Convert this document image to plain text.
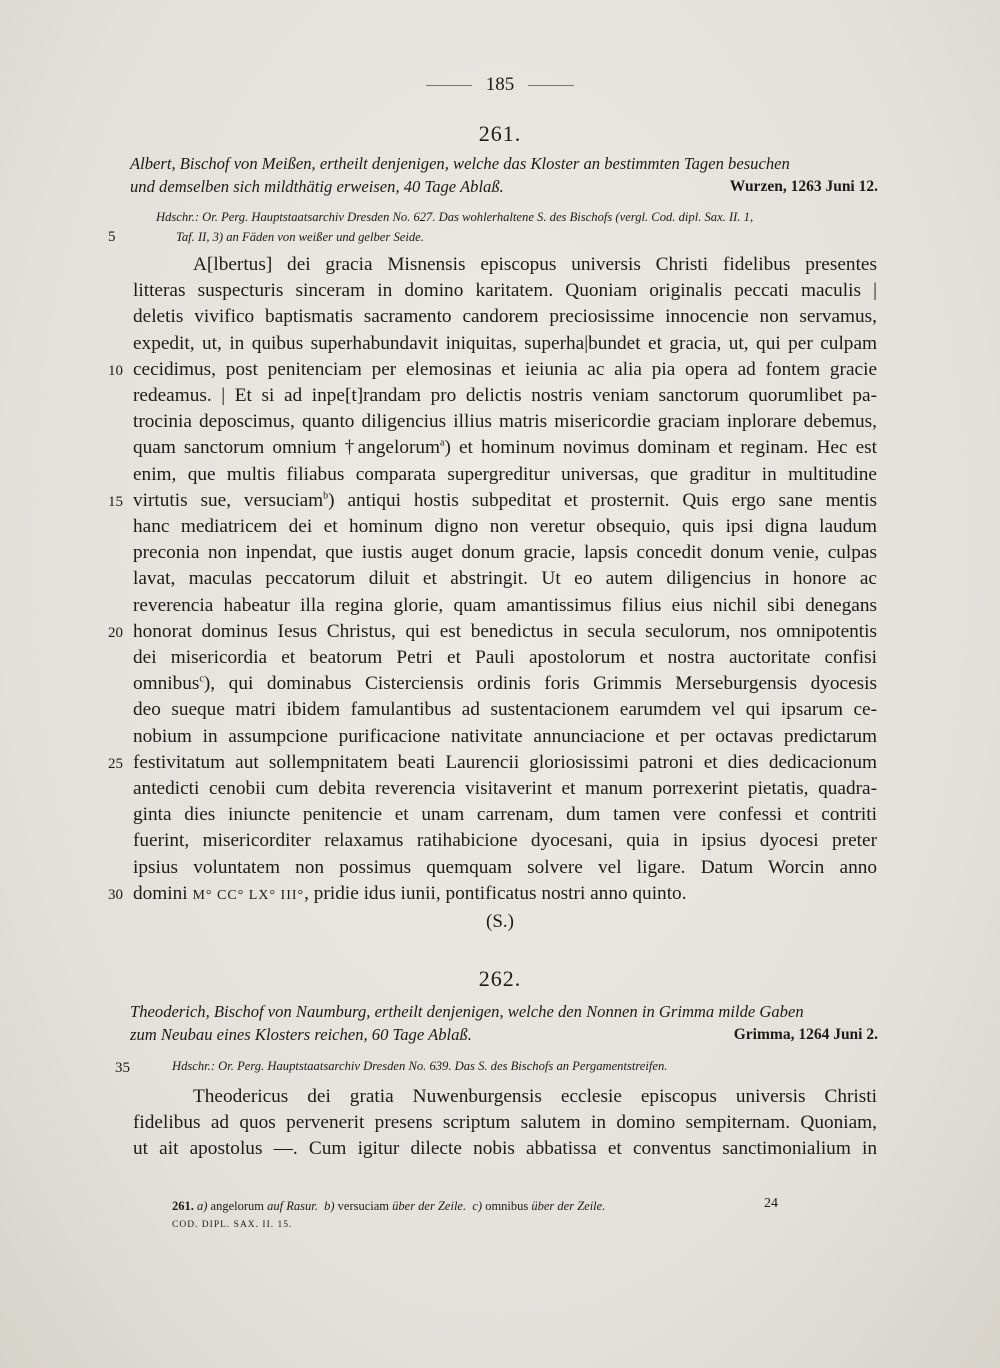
185
261.
Albert, Bischof von Meißen, ertheilt denjenigen, welche das Kloster an bestimmten Tagen besuchen
und demselben sich mildthätig erweisen, 40 Tage Ablaß.	Wurzen, 1263 Juni 12.
Hdschr.: Or. Perg. Hauptstaatsarchiv Dresden No. 627. Das wohlerhaltene S. des Bischofs (vergl. Cod. dipl. Sax. II. 1,
Taf. II, 3) an Fäden von weißer und gelber Seide.
5
A[lbertus] dei gracia Misnensis episcopus universis Christi fidelibus presentes
litteras suspecturis sinceram in domino karitatem. Quoniam originalis peccati maculis |
deletis vivifico baptismatis sacramento candorem preciosissime innocencie non servamus,
expedit, ut, in quibus superhabundavit iniquitas, superha|bundet et gracia, ut, qui per culpam
cecidimus, post penitenciam per elemosinas et ieiunia ac alia pia opera ad fontem gracie
redeamus. | Et si ad inpe[t]randam pro delictis nostris veniam sanctorum quorumlibet pa-
trocinia deposcimus, quanto diligencius illius matris misericordie graciam inplorare debemus,
quam sanctorum omnium †angelorum$^a$) et hominum novimus dominam et reginam. Hec est
enim, que multis filiabus comparata supergreditur universas, que graditur in multitudine
virtutis sue, versuciam$^b$) antiqui hostis subpeditat et prosternit. Quis ergo sane mentis
hanc mediatricem dei et hominum digno non veretur obsequio, quis ipsi digna laudum
preconia non inpendat, que iustis auget donum gracie, lapsis concedit donum venie, culpas
lavat, maculas peccatorum diluit et abstringit. Ut eo autem diligencius in honore ac
reverencia habeatur illa regina glorie, quam amantissimus filius eius nichil sibi denegans
honorat dominus Iesus Christus, qui est benedictus in secula seculorum, nos omnipotentis
dei misericordia et beatorum Petri et Pauli apostolorum et nostra auctoritate confisi
omnibus$^c$), qui dominabus Cisterciensis ordinis foris Grimmis Merseburgensis dyocesis
deo sueque matri ibidem famulantibus ad sustentacionem earumdem vel qui ipsarum ce-
nobium in assumpcione purificacione nativitate annunciacione et per octavas predictarum
festivitatum aut sollempnitatem beati Laurencii gloriosissimi patroni et dies dedicacionum
antedicti cenobii cum debita reverencia visitaverint et manum porrexerint pietatis, quadra-
ginta dies iniuncte penitencie et unam carrenam, dum tamen vere confessi et contriti
fuerint, misericorditer relaxamus ratihabicione dyocesani, quia in ipsius dyocesi preter
ipsius voluntatem non possimus quemquam solvere vel ligare. Datum Worcin anno
domini M° CC° LX° III°, pridie idus iunii, pontificatus nostri anno quinto.
10
15
20
25
30
(S.)
262.
Theoderich, Bischof von Naumburg, ertheilt denjenigen, welche den Nonnen in Grimma milde Gaben
zum Neubau eines Klosters reichen, 60 Tage Ablaß.	Grimma, 1264 Juni 2.
Hdschr.: Or. Perg. Hauptstaatsarchiv Dresden No. 639. Das S. des Bischofs an Pergamentstreifen.
35
Theodericus dei gratia Nuwenburgensis ecclesie episcopus universis Christi
fidelibus ad quos pervenerit presens scriptum salutem in domino sempiternam. Quoniam,
ut ait apostolus —. Cum igitur dilecte nobis abbatissa et conventus sanctimonialium in
261. a) angelorum auf Rasur. b) versuciam über der Zeile. c) omnibus über der Zeile.
COD. DIPL. SAX. II. 15.
24
